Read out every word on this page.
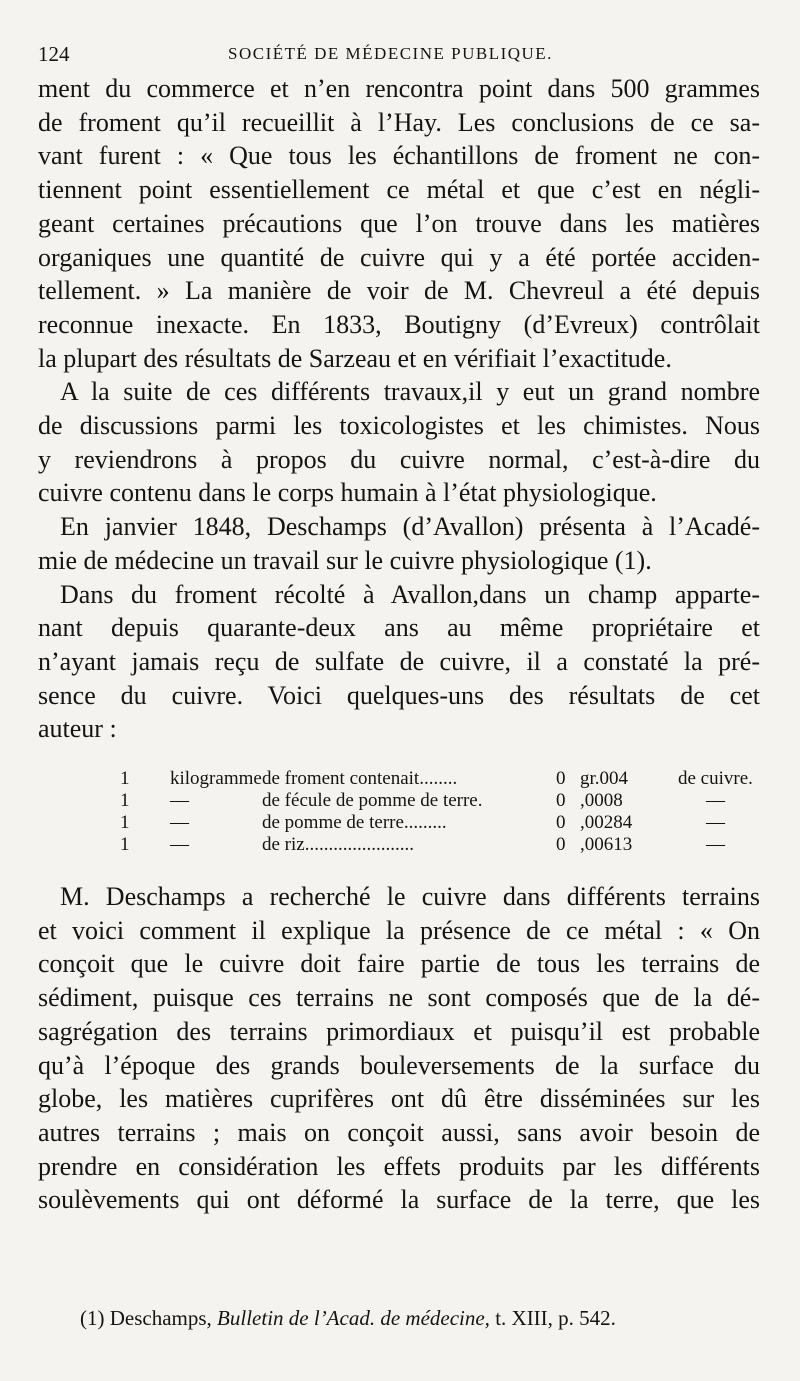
124	SOCIÉTÉ DE MÉDECINE PUBLIQUE.
ment du commerce et n’en rencontra point dans 500 grammes
de froment qu’il recueillit à l’Hay. Les conclusions de ce sa-
vant furent : « Que tous les échantillons de froment ne con-
tiennent point essentiellement ce métal et que c’est en négli-
geant certaines précautions que l’on trouve dans les matières
organiques une quantité de cuivre qui y a été portée acciden-
tellement. » La manière de voir de M. Chevreul a été depuis
reconnue inexacte. En 1833, Boutigny (d’Evreux) contrôlait
la plupart des résultats de Sarzeau et en vérifiait l’exactitude.
A la suite de ces différents travaux,il y eut un grand nombre
de discussions parmi les toxicologistes et les chimistes. Nous
y reviendrons à propos du cuivre normal, c’est-à-dire du
cuivre contenu dans le corps humain à l’état physiologique.
En janvier 1848, Deschamps (d’Avallon) présenta à l’Acadé-
mie de médecine un travail sur le cuivre physiologique (1).
Dans du froment récolté à Avallon,dans un champ apparte-
nant depuis quarante-deux ans au même propriétaire et
n’ayant jamais reçu de sulfate de cuivre, il a constaté la pré-
sence du cuivre. Voici quelques-uns des résultats de cet
auteur :
1	kilogramme	de froment contenait........	0	gr.004	de cuivre.
1	—	de fécule de pomme de terre.	0	,0008	—
1	—	de pomme de terre.........	0	,00284	—
1	—	de riz.......................	0	,00613	—
M. Deschamps a recherché le cuivre dans différents terrains
et voici comment il explique la présence de ce métal : « On
conçoit que le cuivre doit faire partie de tous les terrains de
sédiment, puisque ces terrains ne sont composés que de la dé-
sagrégation des terrains primordiaux et puisqu’il est probable
qu’à l’époque des grands bouleversements de la surface du
globe, les matières cuprifères ont dû être disséminées sur les
autres terrains ; mais on conçoit aussi, sans avoir besoin de
prendre en considération les effets produits par les différents
soulèvements qui ont déformé la surface de la terre, que les
(1) Deschamps, Bulletin de l’Acad. de médecine, t. XIII, p. 542.
